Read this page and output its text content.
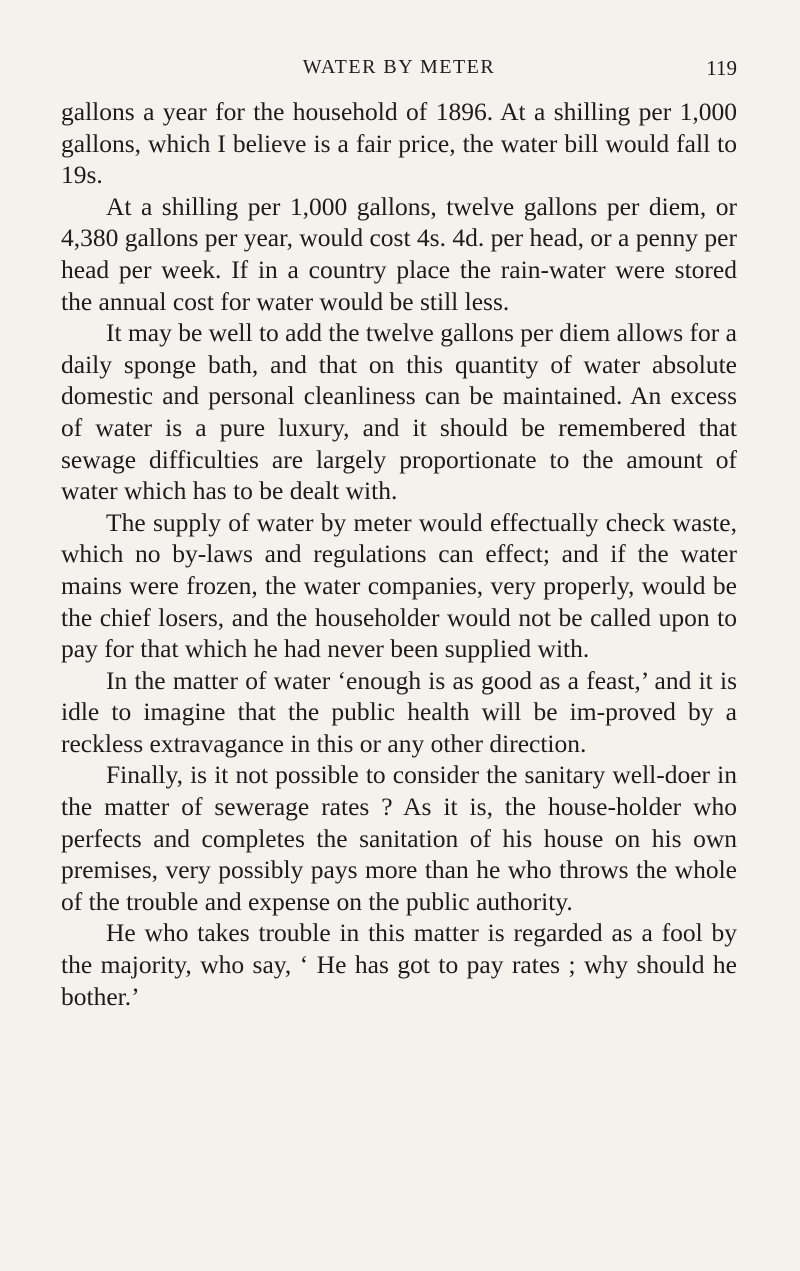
WATER BY METER	119

gallons a year for the household of 1896. At a shilling per 1,000 gallons, which I believe is a fair price, the water bill would fall to 19s.

At a shilling per 1,000 gallons, twelve gallons per diem, or 4,380 gallons per year, would cost 4s. 4d. per head, or a penny per head per week. If in a country place the rain-water were stored the annual cost for water would be still less.

It may be well to add the twelve gallons per diem allows for a daily sponge bath, and that on this quantity of water absolute domestic and personal cleanliness can be maintained. An excess of water is a pure luxury, and it should be remembered that sewage difficulties are largely proportionate to the amount of water which has to be dealt with.

The supply of water by meter would effectually check waste, which no by-laws and regulations can effect; and if the water mains were frozen, the water companies, very properly, would be the chief losers, and the householder would not be called upon to pay for that which he had never been supplied with.

In the matter of water ‘enough is as good as a feast,’ and it is idle to imagine that the public health will be im-proved by a reckless extravagance in this or any other direction.

Finally, is it not possible to consider the sanitary well-doer in the matter of sewerage rates ? As it is, the house-holder who perfects and completes the sanitation of his house on his own premises, very possibly pays more than he who throws the whole of the trouble and expense on the public authority.

He who takes trouble in this matter is regarded as a fool by the majority, who say, ‘ He has got to pay rates ; why should he bother.’
